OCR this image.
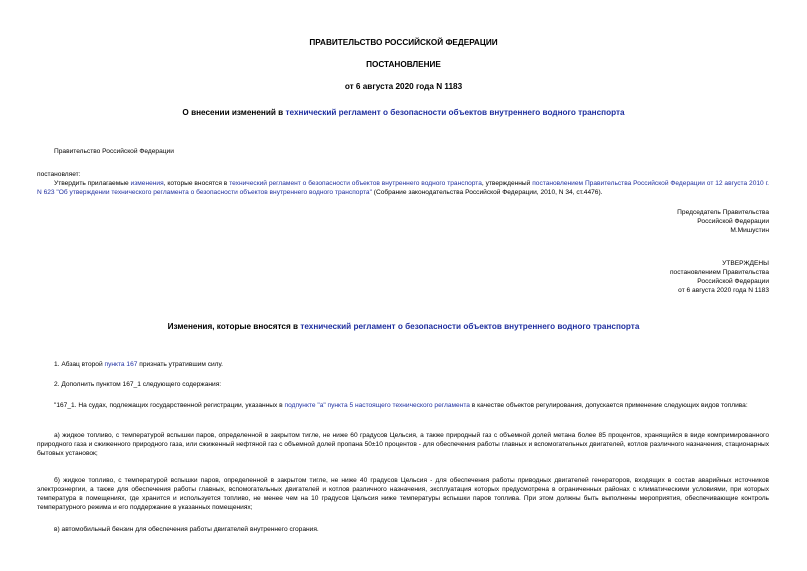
ПРАВИТЕЛЬСТВО РОССИЙСКОЙ ФЕДЕРАЦИИ
ПОСТАНОВЛЕНИЕ
от 6 августа 2020 года N 1183
О внесении изменений в технический регламент о безопасности объектов внутреннего водного транспорта
Правительство Российской Федерации
постановляет:
Утвердить прилагаемые изменения, которые вносятся в технический регламент о безопасности объектов внутреннего водного транспорта, утвержденный постановлением Правительства Российской Федерации от 12 августа 2010 г. N 623 "Об утверждении технического регламента о безопасности объектов внутреннего водного транспорта" (Собрание законодательства Российской Федерации, 2010, N 34, ст.4476).
Председатель Правительства
Российской Федерации
М.Мишустин
УТВЕРЖДЕНЫ
постановлением Правительства
Российской Федерации
от 6 августа 2020 года N 1183
Изменения, которые вносятся в технический регламент о безопасности объектов внутреннего водного транспорта
1. Абзац второй пункта 167 признать утратившим силу.
2. Дополнить пунктом 167_1 следующего содержания:
"167_1. На судах, подлежащих государственной регистрации, указанных в подпункте "а" пункта 5 настоящего технического регламента в качестве объектов регулирования, допускается применение следующих видов топлива:
а) жидкое топливо, с температурой вспышки паров, определенной в закрытом тигле, не ниже 60 градусов Цельсия, а также природный газ с объемной долей метана более 85 процентов, хранящийся в виде компримированного природного газа и сжиженного природного газа, или сжиженный нефтяной газ с объемной долей пропана 50±10 процентов - для обеспечения работы главных и вспомогательных двигателей, котлов различного назначения, стационарных бытовых установок;
б) жидкое топливо, с температурой вспышки паров, определенной в закрытом тигле, не ниже 40 градусов Цельсия - для обеспечения работы приводных двигателей генераторов, входящих в состав аварийных источников электроэнергии, а также для обеспечения работы главных, вспомогательных двигателей и котлов различного назначения, эксплуатация которых предусмотрена в ограниченных районах с климатическими условиями, при которых температура в помещениях, где хранится и используется топливо, не менее чем на 10 градусов Цельсия ниже температуры вспышки паров топлива. При этом должны быть выполнены мероприятия, обеспечивающие контроль температурного режима и его поддержание в указанных помещениях;
в) автомобильный бензин для обеспечения работы двигателей внутреннего сгорания.
